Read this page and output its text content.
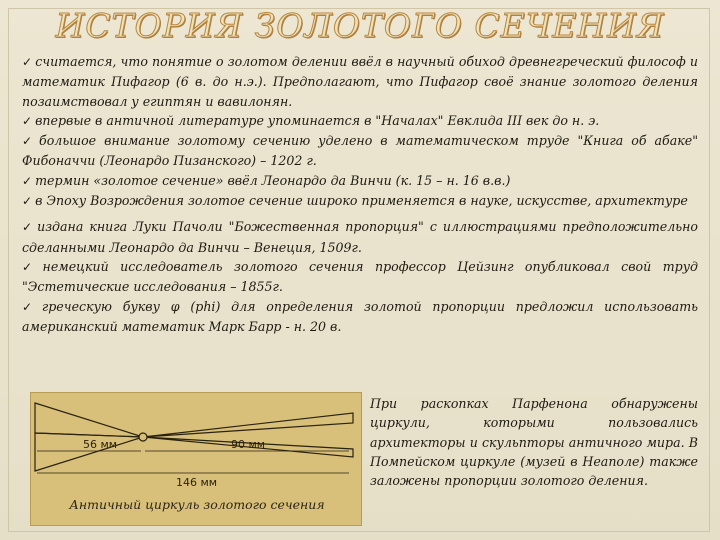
ИСТОРИЯ ЗОЛОТОГО СЕЧЕНИЯ

✓ считается, что понятие о золотом делении ввёл в научный обиход древнегреческий философ и математик Пифагор (6 в. до н.э.). Предполагают, что Пифагор своё знание золотого деления позаимствовал у египтян и вавилонян.

✓ впервые в античной литературе упоминается в "Началах" Евклида III век до н. э.

✓ большое внимание золотому сечению уделено в математическом труде "Книга об абаке" Фибоначчи (Леонардо Пизанского) – 1202 г.

✓ термин «золотое сечение» ввёл Леонардо да Винчи (к. 15 – н. 16 в.в.)

✓ в Эпоху Возрождения золотое сечение широко применяется в науке, искусстве, архитектуре

✓ издана книга Луки Пачоли "Божественная пропорция" с иллюстрациями предположительно сделанными Леонардо да Винчи – Венеция, 1509г.

✓ немецкий исследователь золотого сечения профессор Цейзинг опубликовал свой труд "Эстетические исследования – 1855г.

✓ греческую букву φ (phi) для определения золотой пропорции предложил использовать американский математик Марк Барр - н. 20 в.

56 мм	90 мм
146 мм
Античный циркуль золотого сечения
При раскопках Парфенона обнаружены циркули, которыми пользовались архитекторы и скульпторы античного мира. В Помпейском циркуле (музей в Неаполе) также заложены пропорции золотого деления.
